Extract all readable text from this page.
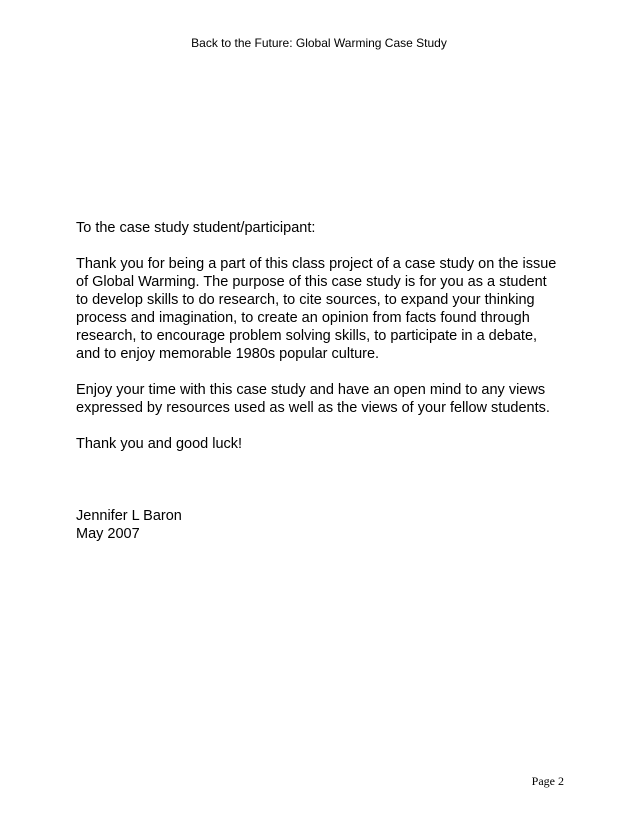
Back to the Future: Global Warming Case Study

To the case study student/participant:

Thank you for being a part of this class project of a case study on the issue
of Global Warming. The purpose of this case study is for you as a student
to develop skills to do research, to cite sources, to expand your thinking
process and imagination, to create an opinion from facts found through
research, to encourage problem solving skills, to participate in a debate,
and to enjoy memorable 1980s popular culture.

Enjoy your time with this case study and have an open mind to any views
expressed by resources used as well as the views of your fellow students.

Thank you and good luck!

Jennifer L Baron

May 2007

Page 2
